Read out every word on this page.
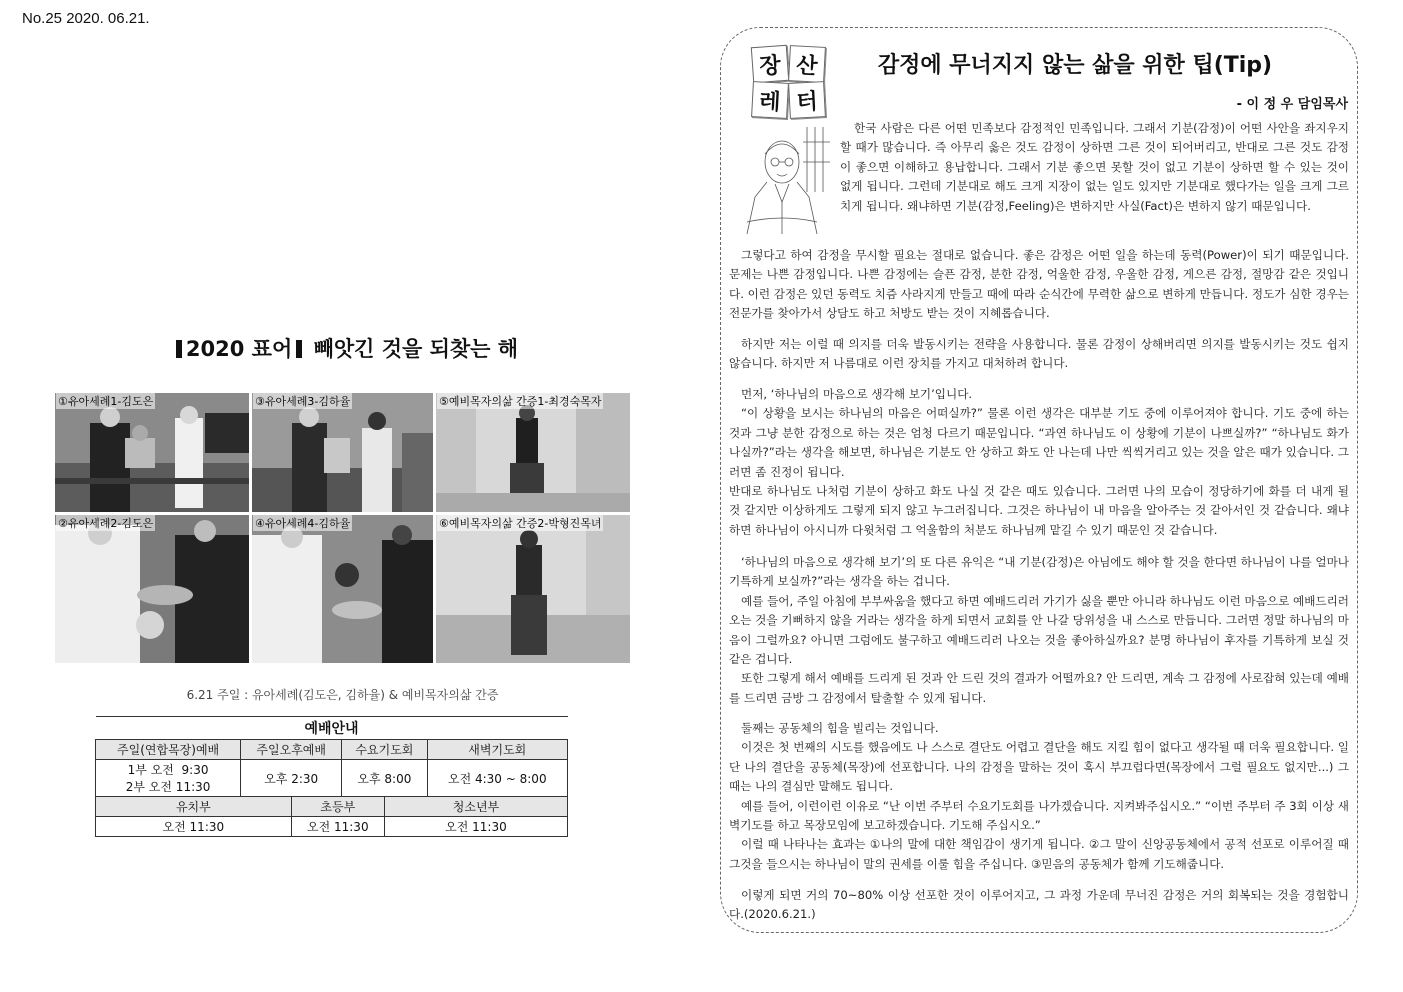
No.25 2020. 06.21.
2020 표어 빼앗긴 것을 되찾는 해
①유아세례1-김도은	③유아세례3-김하율	⑤예비목자의삶 간증1-최경숙목자
②유아세례2-김도은	④유아세례4-김하율	⑥예비목자의삶 간증2-박형진목녀
6.21 주일 : 유아세례(김도은, 김하율) & 예비목자의삶 간증
예배안내					
주일(연합목장)예배	주일오후예배		수요기도회		새벽기도회

1부 오전  9:30
2부 오전 11:30	오후 2:30		오후 8:00		오전 4:30 ~ 8:00
유치부		초등부		청소년부	
오전 11:30		오전 11:30		오전 11:30	
장 산
레 터
감정에 무너지지 않는 삶을 위한 팁(Tip)
- 이 정 우 담임목사

한국 사람은 다른 어떤 민족보다 감정적인 민족입니다. 그래서 기분(감정)이 어떤 사안을 좌지우지 할 때가 많습니다. 즉 아무리 옳은 것도 감정이 상하면 그른 것이 되어버리고, 반대로 그른 것도 감정이 좋으면 이해하고 용납합니다. 그래서 기분 좋으면 못할 것이 없고 기분이 상하면 할 수 있는 것이 없게 됩니다. 그런데 기분대로 해도 크게 지장이 없는 일도 있지만 기분대로 했다가는 일을 크게 그르치게 됩니다. 왜냐하면 기분(감정,Feeling)은 변하지만 사실(Fact)은 변하지 않기 때문입니다.

그렇다고 하여 감정을 무시할 필요는 절대로 없습니다. 좋은 감정은 어떤 일을 하는데 동력(Power)이 되기 때문입니다. 문제는 나쁜 감정입니다. 나쁜 감정에는 슬픈 감정, 분한 감정, 억울한 감정, 우울한 감정, 게으른 감정, 절망감 같은 것입니다. 이런 감정은 있던 동력도 치즘 사라지게 만들고 때에 따라 순식간에 무력한 삶으로 변하게 만듭니다. 정도가 심한 경우는 전문가를 찾아가서 상담도 하고 처방도 받는 것이 지혜롭습니다.

하지만 저는 이럴 때 의지를 더욱 발동시키는 전략을 사용합니다. 물론 감정이 상해버리면 의지를 발동시키는 것도 쉽지 않습니다. 하지만 저 나름대로 이런 장치를 가지고 대처하려 합니다.

먼저, ‘하나님의 마음으로 생각해 보기’입니다.

“이 상황을 보시는 하나님의 마음은 어떠실까?” 물론 이런 생각은 대부분 기도 중에 이루어져야 합니다. 기도 중에 하는 것과 그냥 분한 감정으로 하는 것은 엄청 다르기 때문입니다. “과연 하나님도 이 상황에 기분이 나쁘실까?” “하나님도 화가 나실까?”라는 생각을 해보면, 하나님은 기분도 안 상하고 화도 안 나는데 나만 씩씩거리고 있는 것을 알은 때가 있습니다. 그러면 좀 진정이 됩니다.

반대로 하나님도 나처럼 기분이 상하고 화도 나실 것 같은 때도 있습니다. 그러면 나의 모습이 정당하기에 화를 더 내게 될 것 같지만 이상하게도 그렇게 되지 않고 누그러집니다. 그것은 하나님이 내 마음을 알아주는 것 같아서인 것 같습니다. 왜냐하면 하나님이 아시니까 다윗처럼 그 억울함의 처분도 하나님께 맡길 수 있기 때문인 것 같습니다.

‘하나님의 마음으로 생각해 보기’의 또 다른 유익은 “내 기분(감정)은 아님에도 해야 할 것을 한다면 하나님이 나를 얼마나 기특하게 보실까?”라는 생각을 하는 겁니다.

예를 들어, 주일 아침에 부부싸움을 했다고 하면 예배드리러 가기가 싫을 뿐만 아니라 하나님도 이런 마음으로 예배드리러 오는 것을 기뻐하지 않을 거라는 생각을 하게 되면서 교회를 안 나갈 당위성을 내 스스로 만듭니다. 그러면 정말 하나님의 마음이 그럴까요? 아니면 그럼에도 불구하고 예배드리러 나오는 것을 좋아하실까요? 분명 하나님이 후자를 기특하게 보실 것 같은 겁니다.

또한 그렇게 해서 예배를 드리게 된 것과 안 드린 것의 결과가 어떨까요? 안 드리면, 계속 그 감정에 사로잡혀 있는데 예배를 드리면 금방 그 감정에서 탈출할 수 있게 됩니다.

둘째는 공동체의 힘을 빌리는 것입니다.

이것은 첫 번째의 시도를 했음에도 나 스스로 결단도 어렵고 결단을 해도 지킬 힘이 없다고 생각될 때 더욱 필요합니다. 일단 나의 결단을 공동체(목장)에 선포합니다. 나의 감정을 말하는 것이 혹시 부끄럽다면(목장에서 그럴 필요도 없지만...) 그때는 나의 결심만 말해도 됩니다.

예를 들어, 이런이런 이유로 “난 이번 주부터 수요기도회를 나가겠습니다. 지켜봐주십시오.” “이번 주부터 주 3회 이상 새벽기도를 하고 목장모임에 보고하겠습니다. 기도해 주십시오.”

이럴 때 나타나는 효과는 ①나의 말에 대한 책임감이 생기게 됩니다. ②그 말이 신앙공동체에서 공적 선포로 이루어질 때 그것을 들으시는 하나님이 말의 권세를 이룰 힘을 주십니다. ③믿음의 공동체가 함께 기도해줍니다.

이렇게 되면 거의 70~80% 이상 선포한 것이 이루어지고, 그 과정 가운데 무너진 감정은 거의 회복되는 것을 경험합니다.(2020.6.21.)
